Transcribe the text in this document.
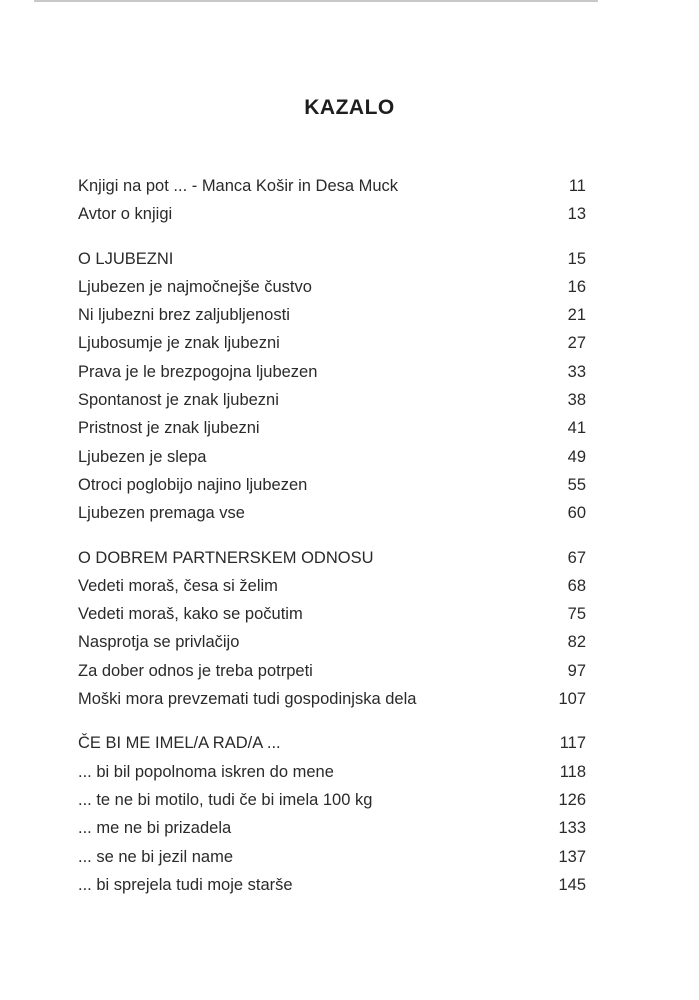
KAZALO
Knjigi na pot ... - Manca Košir in Desa Muck	11
Avtor o knjigi	13
O LJUBEZNI	15
Ljubezen je najmočnejše čustvo	16
Ni ljubezni brez zaljubljenosti	21
Ljubosumje je znak ljubezni	27
Prava je le brezpogojna ljubezen	33
Spontanost je znak ljubezni	38
Pristnost je znak ljubezni	41
Ljubezen je slepa	49
Otroci poglobijo najino ljubezen	55
Ljubezen premaga vse	60
O DOBREM PARTNERSKEM ODNOSU	67
Vedeti moraš, česa si želim	68
Vedeti moraš, kako se počutim	75
Nasprotja se privlačijo	82
Za dober odnos je treba potrpeti	97
Moški mora prevzemati tudi gospodinjska dela	107
ČE BI ME IMEL/A RAD/A ...	117
... bi bil popolnoma iskren do mene	118
... te ne bi motilo, tudi če bi imela 100 kg	126
... me ne bi prizadela	133
... se ne bi jezil name	137
... bi sprejela tudi moje starše	145
